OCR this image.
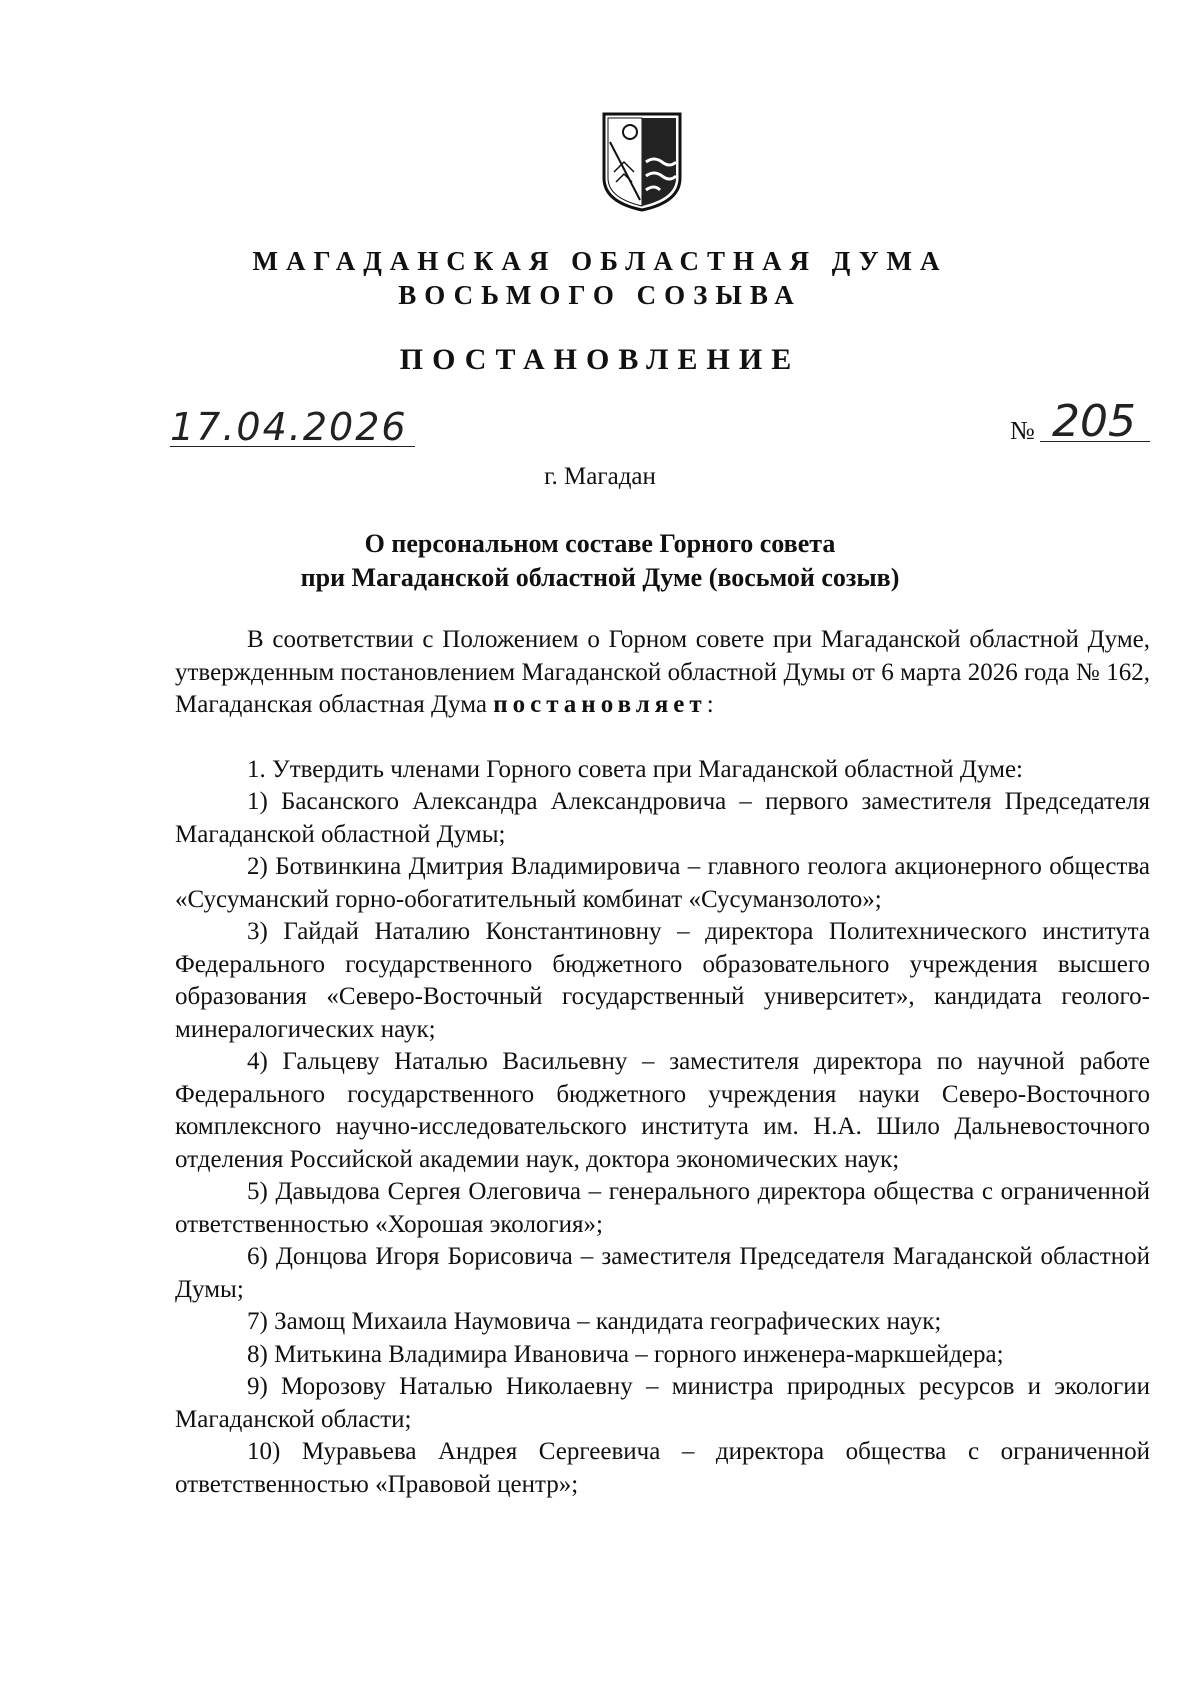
МАГАДАНСКАЯ ОБЛАСТНАЯ ДУМА
ВОСЬМОГО СОЗЫВА
ПОСТАНОВЛЕНИЕ
17.04.2026	№ 205
г. Магадан
О персональном составе Горного совета
при Магаданской областной Думе (восьмой созыв)

В соответствии с Положением о Горном совете при Магаданской областной Думе, утвержденным постановлением Магаданской областной Думы от 6 марта 2026 года № 162, Магаданская областная Дума постановляет:

1. Утвердить членами Горного совета при Магаданской областной Думе:

1) Басанского Александра Александровича – первого заместителя Председателя Магаданской областной Думы;

2) Ботвинкина Дмитрия Владимировича – главного геолога акционерного общества «Сусуманский горно-обогатительный комбинат «Сусуманзолото»;

3) Гайдай Наталию Константиновну – директора Политехнического института Федерального государственного бюджетного образовательного учреждения высшего образования «Северо-Восточный государственный университет», кандидата геолого-минералогических наук;

4) Гальцеву Наталью Васильевну – заместителя директора по научной работе Федерального государственного бюджетного учреждения науки Северо-Восточного комплексного научно-исследовательского института им. Н.А. Шило Дальневосточного отделения Российской академии наук, доктора экономических наук;

5) Давыдова Сергея Олеговича – генерального директора общества с ограниченной ответственностью «Хорошая экология»;

6) Донцова Игоря Борисовича – заместителя Председателя Магаданской областной Думы;

7) Замощ Михаила Наумовича – кандидата географических наук;

8) Митькина Владимира Ивановича – горного инженера-маркшейдера;

9) Морозову Наталью Николаевну – министра природных ресурсов и экологии Магаданской области;

10) Муравьева Андрея Сергеевича – директора общества с ограниченной ответственностью «Правовой центр»;
